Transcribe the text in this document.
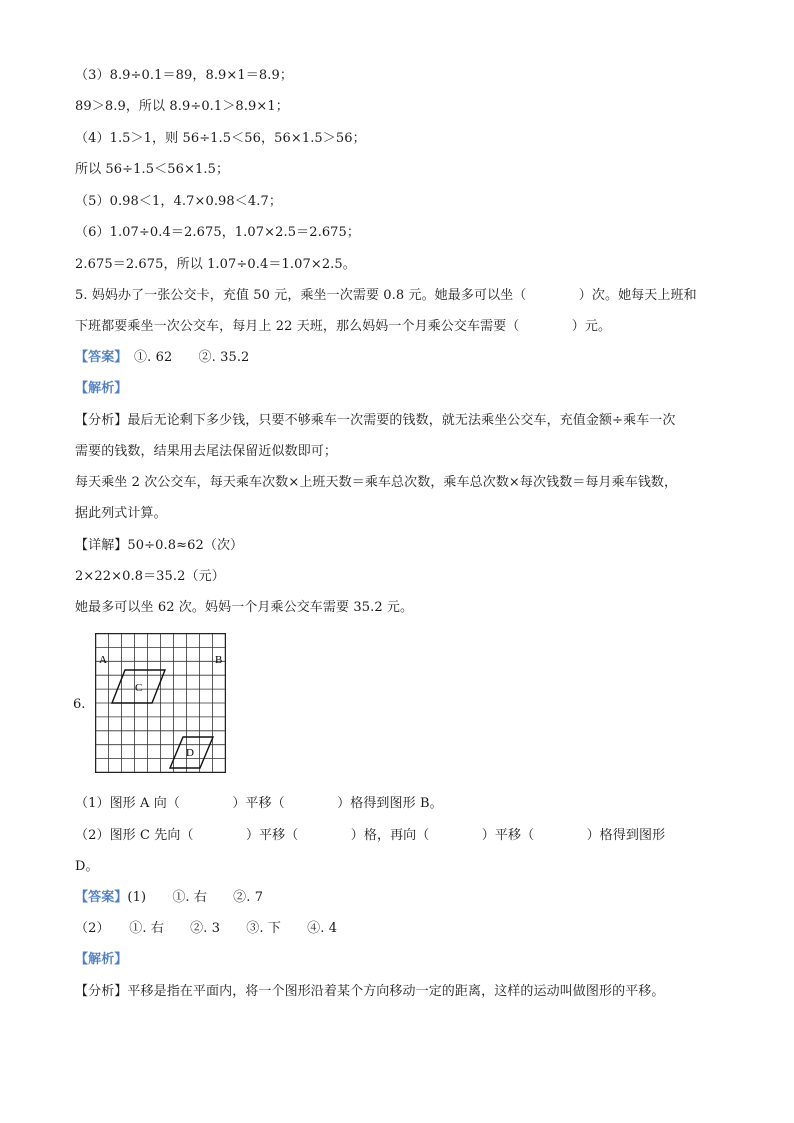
（3）8.9÷0.1＝89，8.9×1＝8.9；
89＞8.9，所以 8.9÷0.1＞8.9×1；
（4）1.5＞1，则 56÷1.5＜56，56×1.5＞56；
所以 56÷1.5＜56×1.5；
（5）0.98＜1，4.7×0.98＜4.7；
（6）1.07÷0.4＝2.675，1.07×2.5＝2.675；
2.675＝2.675，所以 1.07÷0.4＝1.07×2.5。
5. 妈妈办了一张公交卡，充值 50 元，乘坐一次需要 0.8 元。她最多可以坐（　　　　）次。她每天上班和
下班都要乘坐一次公交车，每月上 22 天班，那么妈妈一个月乘公交车需要（　　　　）元。
【答案】　①. 62　　②. 35.2
【解析】
【分析】最后无论剩下多少钱，只要不够乘车一次需要的钱数，就无法乘坐公交车，充值金额÷乘车一次
需要的钱数，结果用去尾法保留近似数即可；
每天乘坐 2 次公交车，每天乘车次数×上班天数＝乘车总次数，乘车总次数×每次钱数＝每月乘车钱数，
据此列式计算。
【详解】50÷0.8≈62（次）
2×22×0.8＝35.2（元）
她最多可以坐 62 次。妈妈一个月乘公交车需要 35.2 元。
6.
A	B
C
D
（1）图形 A 向（　　　　）平移（　　　　）格得到图形 B。
（2）图形 C 先向（　　　　）平移（　　　　）格，再向（　　　　）平移（　　　　）格得到图形
D。
【答案】(1)　　①. 右　　②. 7
（2）　　①. 右　　②. 3　　③. 下　　④. 4
【解析】
【分析】平移是指在平面内，将一个图形沿着某个方向移动一定的距离，这样的运动叫做图形的平移。
